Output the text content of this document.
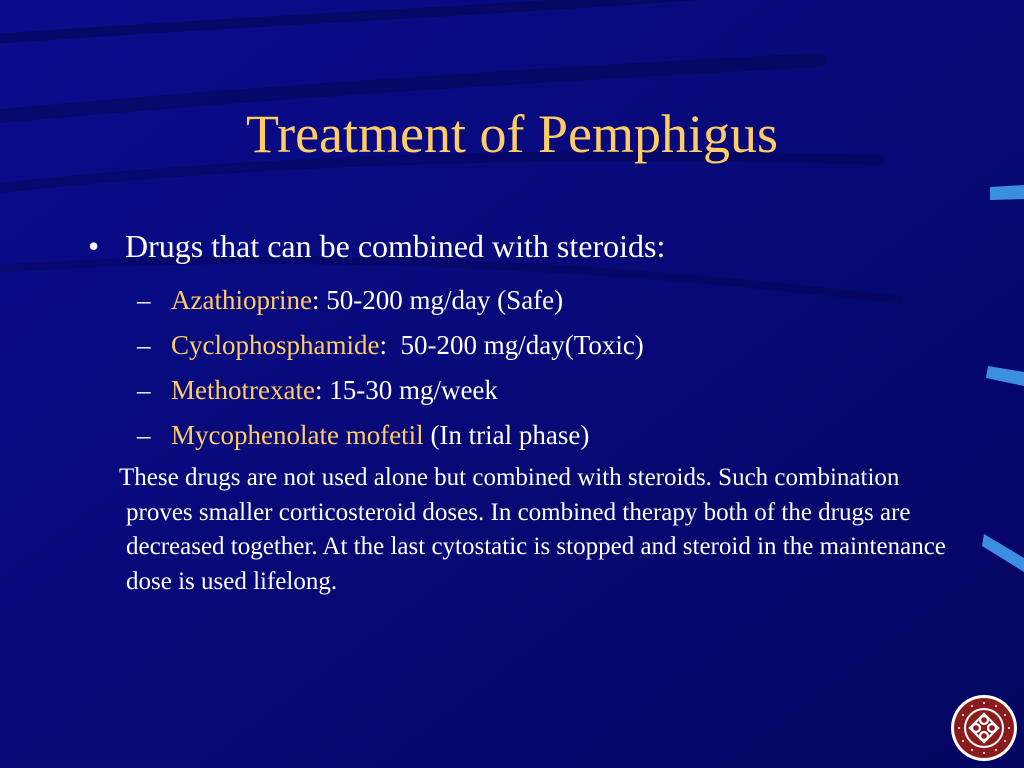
Treatment of Pemphigus
• Drugs that can be combined with steroids:
– Azathioprine: 50-200 mg/day (Safe)
– Cyclophosphamide:  50-200 mg/day(Toxic)
– Methotrexate: 15-30 mg/week
– Mycophenolate mofetil (In trial phase)
These drugs are not used alone but combined with steroids. Such combination proves smaller corticosteroid doses. In combined therapy both of the drugs are decreased together. At the last cytostatic is stopped and steroid in the maintenance dose is used lifelong.
